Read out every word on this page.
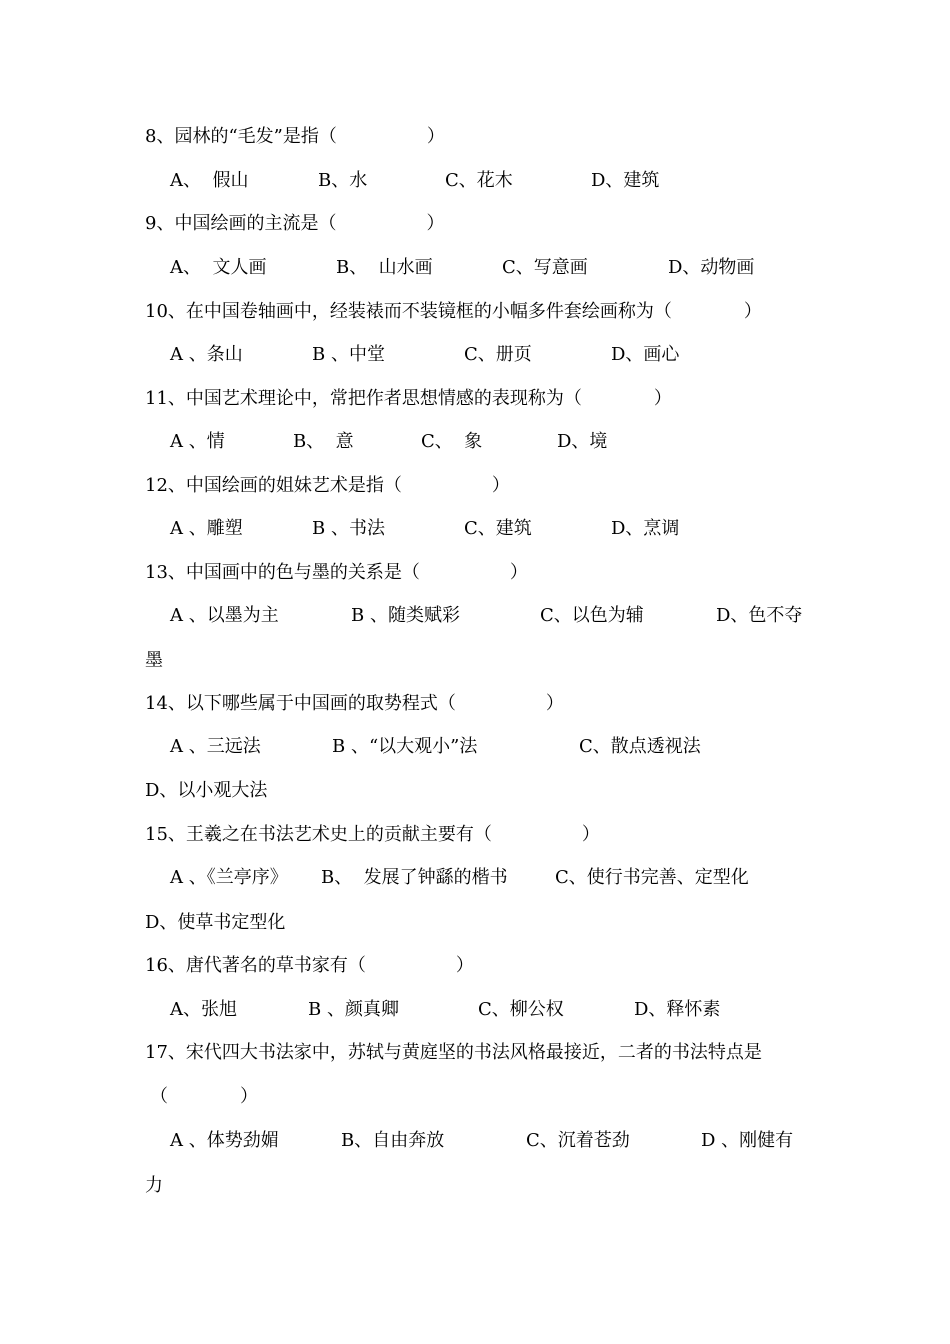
8、园林的“毛发”是指（　　　　　）
A、  假山	B、水	C、花木	D、建筑
9、中国绘画的主流是（　　　　　）
A、  文人画	B、  山水画	C、写意画	D、动物画
10、在中国卷轴画中，经装裱而不装镜框的小幅多件套绘画称为（　　　　）
A 、条山	B 、中堂	C、册页	D、画心
11、中国艺术理论中，常把作者思想情感的表现称为（　　　　）
A 、情	B、  意	C、  象	D、境
12、中国绘画的姐妹艺术是指（　　　　　）
A 、雕塑	B 、书法	C、建筑	D、烹调
13、中国画中的色与墨的关系是（　　　　　）
A 、以墨为主	B 、随类赋彩	C、以色为辅	D、色不夺
墨
14、以下哪些属于中国画的取势程式（　　　　　）
A 、三远法	B 、“以大观小”法	C、散点透视法
D、以小观大法
15、王羲之在书法艺术史上的贡献主要有（　　　　　）
A 、《兰亭序》 B、  发展了钟繇的楷书	C、使行书完善、定型化
D、使草书定型化
16、唐代著名的草书家有（　　　　　）
A、张旭	B 、颜真卿	C、柳公权	D、释怀素
17、宋代四大书法家中，苏轼与黄庭坚的书法风格最接近，二者的书法特点是
（　　　　）
A 、体势劲媚	B、自由奔放	C、沉着苍劲	D 、刚健有
力
